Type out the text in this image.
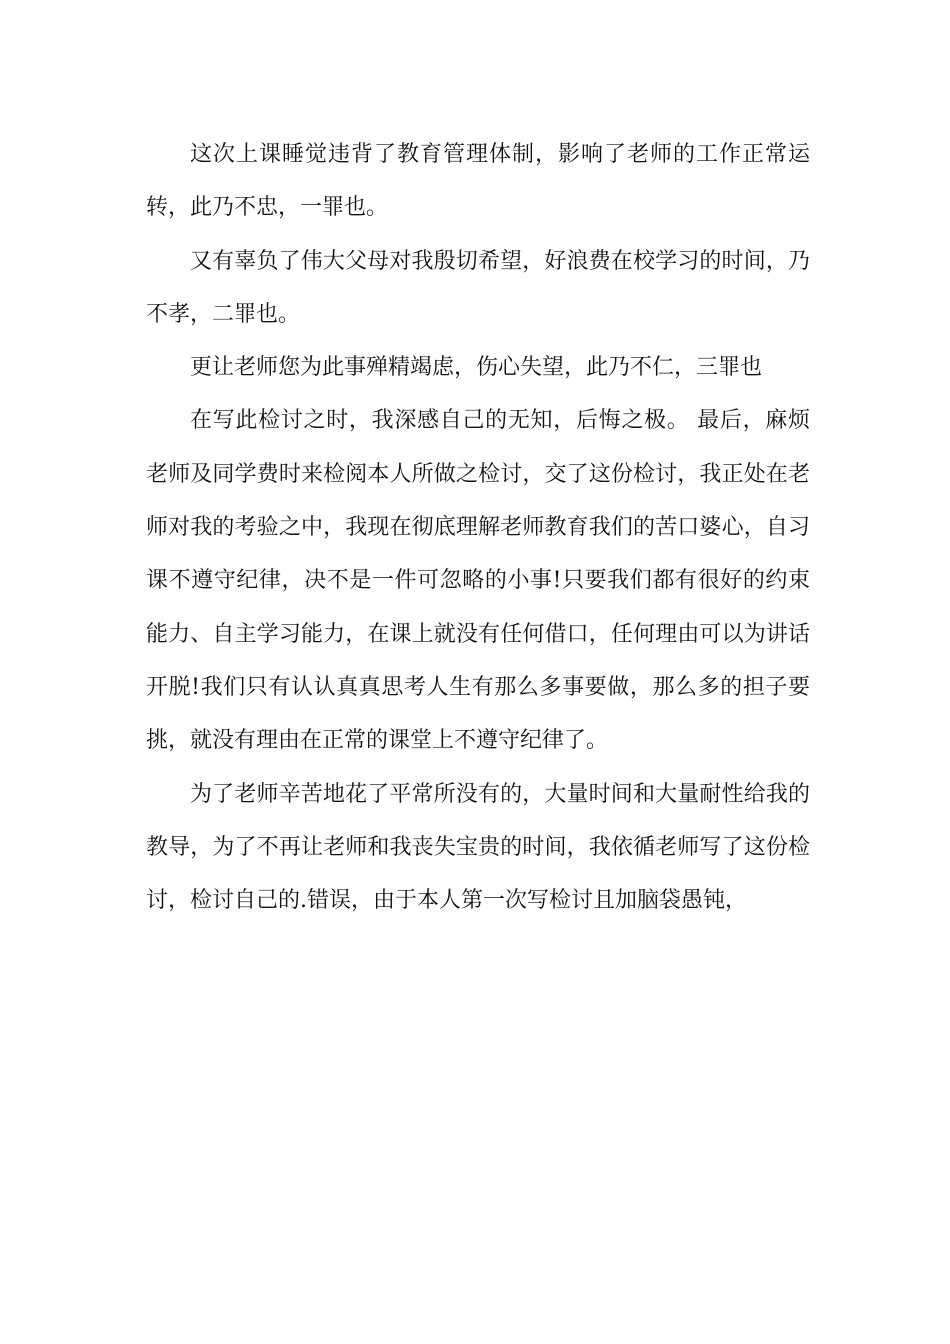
这次上课睡觉违背了教育管理体制，影响了老师的工作正常运转，此乃不忠，一罪也。

又有辜负了伟大父母对我殷切希望，好浪费在校学习的时间，乃不孝，二罪也。

更让老师您为此事殚精竭虑，伤心失望，此乃不仁，三罪也

在写此检讨之时，我深感自己的无知，后悔之极。 最后，麻烦老师及同学费时来检阅本人所做之检讨，交了这份检讨，我正处在老师对我的考验之中，我现在彻底理解老师教育我们的苦口婆心，自习课不遵守纪律，决不是一件可忽略的小事!只要我们都有很好的约束能力、自主学习能力，在课上就没有任何借口，任何理由可以为讲话开脱!我们只有认认真真思考人生有那么多事要做，那么多的担子要挑，就没有理由在正常的课堂上不遵守纪律了。

为了老师辛苦地花了平常所没有的，大量时间和大量耐性给我的教导，为了不再让老师和我丧失宝贵的时间，我依循老师写了这份检讨，检讨自己的.错误，由于本人第一次写检讨且加脑袋愚钝，
